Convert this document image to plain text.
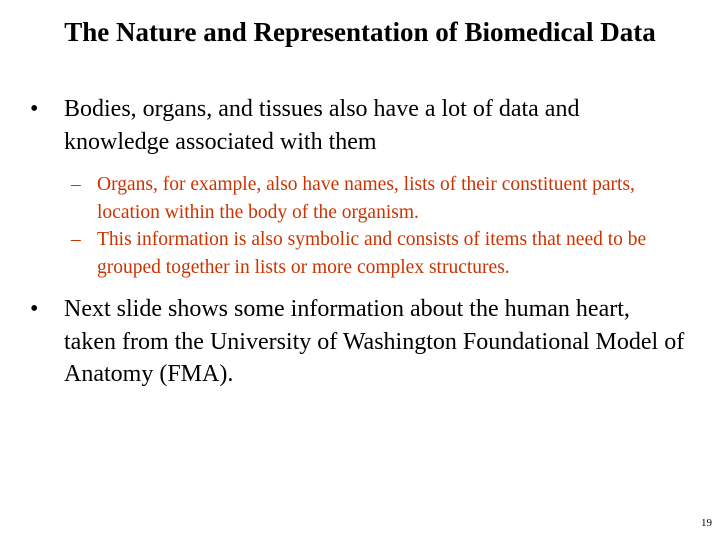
The Nature and Representation of Biomedical Data
• Bodies, organs, and tissues also have a lot of data and knowledge associated with them
– Organs, for example, also have names, lists of their constituent parts, location within the body of the organism.
– This information is also symbolic and consists of items that need to be grouped together in lists or more complex structures.
• Next slide shows some information about the human heart, taken from the University of Washington Foundational Model of Anatomy (FMA).
19
